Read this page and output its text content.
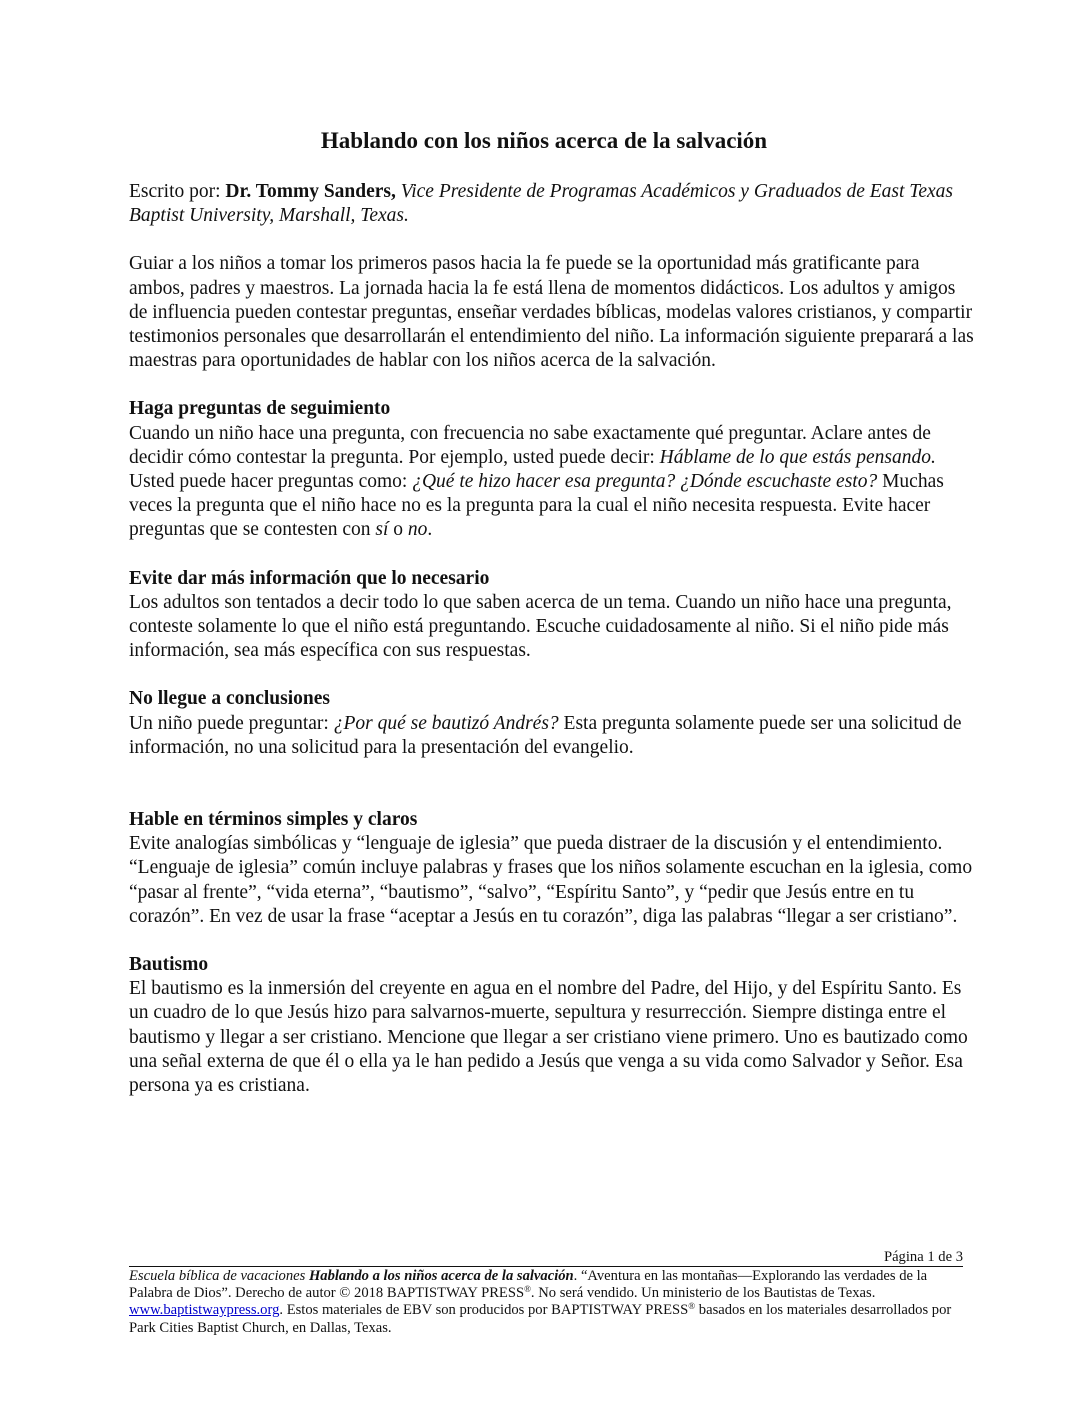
Hablando con los niños acerca de la salvación

Escrito por: Dr. Tommy Sanders, Vice Presidente de Programas Académicos y Graduados de East Texas Baptist University, Marshall, Texas.

Guiar a los niños a tomar los primeros pasos hacia la fe puede se la oportunidad más gratificante para ambos, padres y maestros. La jornada hacia la fe está llena de momentos didácticos. Los adultos y amigos de influencia pueden contestar preguntas, enseñar verdades bíblicas, modelas valores cristianos, y compartir testimonios personales que desarrollarán el entendimiento del niño. La información siguiente preparará a las maestras para oportunidades de hablar con los niños acerca de la salvación.

Haga preguntas de seguimiento

Cuando un niño hace una pregunta, con frecuencia no sabe exactamente qué preguntar. Aclare antes de decidir cómo contestar la pregunta. Por ejemplo, usted puede decir: Háblame de lo que estás pensando. Usted puede hacer preguntas como: ¿Qué te hizo hacer esa pregunta? ¿Dónde escuchaste esto? Muchas veces la pregunta que el niño hace no es la pregunta para la cual el niño necesita respuesta. Evite hacer preguntas que se contesten con sí o no.

Evite dar más información que lo necesario

Los adultos son tentados a decir todo lo que saben acerca de un tema. Cuando un niño hace una pregunta, conteste solamente lo que el niño está preguntando. Escuche cuidadosamente al niño. Si el niño pide más información, sea más específica con sus respuestas.

No llegue a conclusiones

Un niño puede preguntar: ¿Por qué se bautizó Andrés? Esta pregunta solamente puede ser una solicitud de información, no una solicitud para la presentación del evangelio.

Hable en términos simples y claros

Evite analogías simbólicas y “lenguaje de iglesia” que pueda distraer de la discusión y el entendimiento. “Lenguaje de iglesia” común incluye palabras y frases que los niños solamente escuchan en la iglesia, como “pasar al frente”, “vida eterna”, “bautismo”, “salvo”, “Espíritu Santo”, y “pedir que Jesús entre en tu corazón”. En vez de usar la frase “aceptar a Jesús en tu corazón”, diga las palabras “llegar a ser cristiano”.

Bautismo

El bautismo es la inmersión del creyente en agua en el nombre del Padre, del Hijo, y del Espíritu Santo. Es un cuadro de lo que Jesús hizo para salvarnos-muerte, sepultura y resurrección. Siempre distinga entre el bautismo y llegar a ser cristiano. Mencione que llegar a ser cristiano viene primero. Uno es bautizado como una señal externa de que él o ella ya le han pedido a Jesús que venga a su vida como Salvador y Señor. Esa persona ya es cristiana.

Página 1 de 3
Escuela bíblica de vacaciones Hablando a los niños acerca de la salvación. “Aventura en las montañas—Explorando las verdades de la Palabra de Dios”. Derecho de autor © 2018 BAPTISTWAY PRESS®. No será vendido. Un ministerio de los Bautistas de Texas. www.baptistwaypress.org. Estos materiales de EBV son producidos por BAPTISTWAY PRESS® basados en los materiales desarrollados por Park Cities Baptist Church, en Dallas, Texas.
